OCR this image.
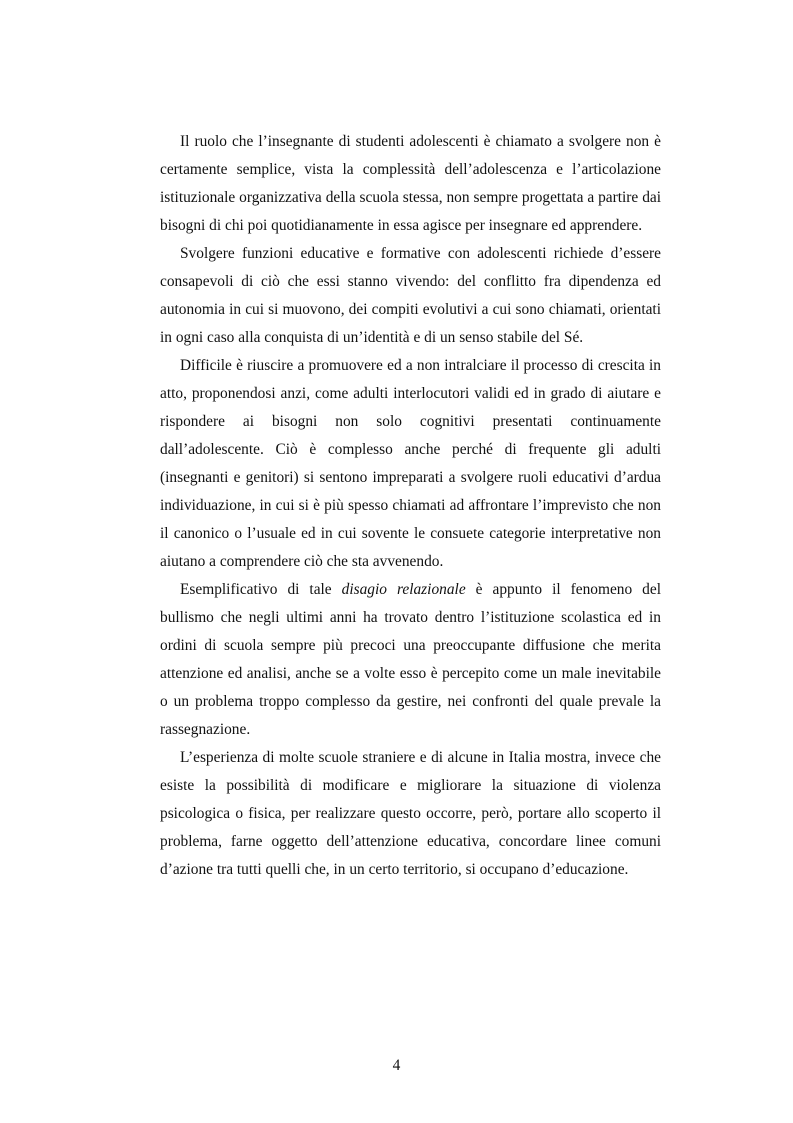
Il ruolo che l’insegnante di studenti adolescenti è chiamato a svolgere non è certamente semplice, vista la complessità dell’adolescenza e l’articolazione istituzionale organizzativa della scuola stessa, non sempre progettata a partire dai bisogni di chi poi quotidianamente in essa agisce per insegnare ed apprendere.

Svolgere funzioni educative e formative con adolescenti richiede d’essere consapevoli di ciò che essi stanno vivendo: del conflitto fra dipendenza ed autonomia in cui si muovono, dei compiti evolutivi a cui sono chiamati, orientati in ogni caso alla conquista di un’identità e di un senso stabile del Sé.

Difficile è riuscire a promuovere ed a non intralciare il processo di crescita in atto, proponendosi anzi, come adulti interlocutori validi ed in grado di aiutare e rispondere ai bisogni non solo cognitivi presentati continuamente dall’adolescente. Ciò è complesso anche perché di frequente gli adulti (insegnanti e genitori) si sentono impreparati a svolgere ruoli educativi d’ardua individuazione, in cui si è più spesso chiamati ad affrontare l’imprevisto che non il canonico o l’usuale ed in cui sovente le consuete categorie interpretative non aiutano a comprendere ciò che sta avvenendo.

Esemplificativo di tale disagio relazionale è appunto il fenomeno del bullismo che negli ultimi anni ha trovato dentro l’istituzione scolastica ed in ordini di scuola sempre più precoci una preoccupante diffusione che merita attenzione ed analisi, anche se a volte esso è percepito come un male inevitabile o un problema troppo complesso da gestire, nei confronti del quale prevale la rassegnazione.

L’esperienza di molte scuole straniere e di alcune in Italia mostra, invece che esiste la possibilità di modificare e migliorare la situazione di violenza psicologica o fisica, per realizzare questo occorre, però, portare allo scoperto il problema, farne oggetto dell’attenzione educativa, concordare linee comuni d’azione tra tutti quelli che, in un certo territorio, si occupano d’educazione.

4
